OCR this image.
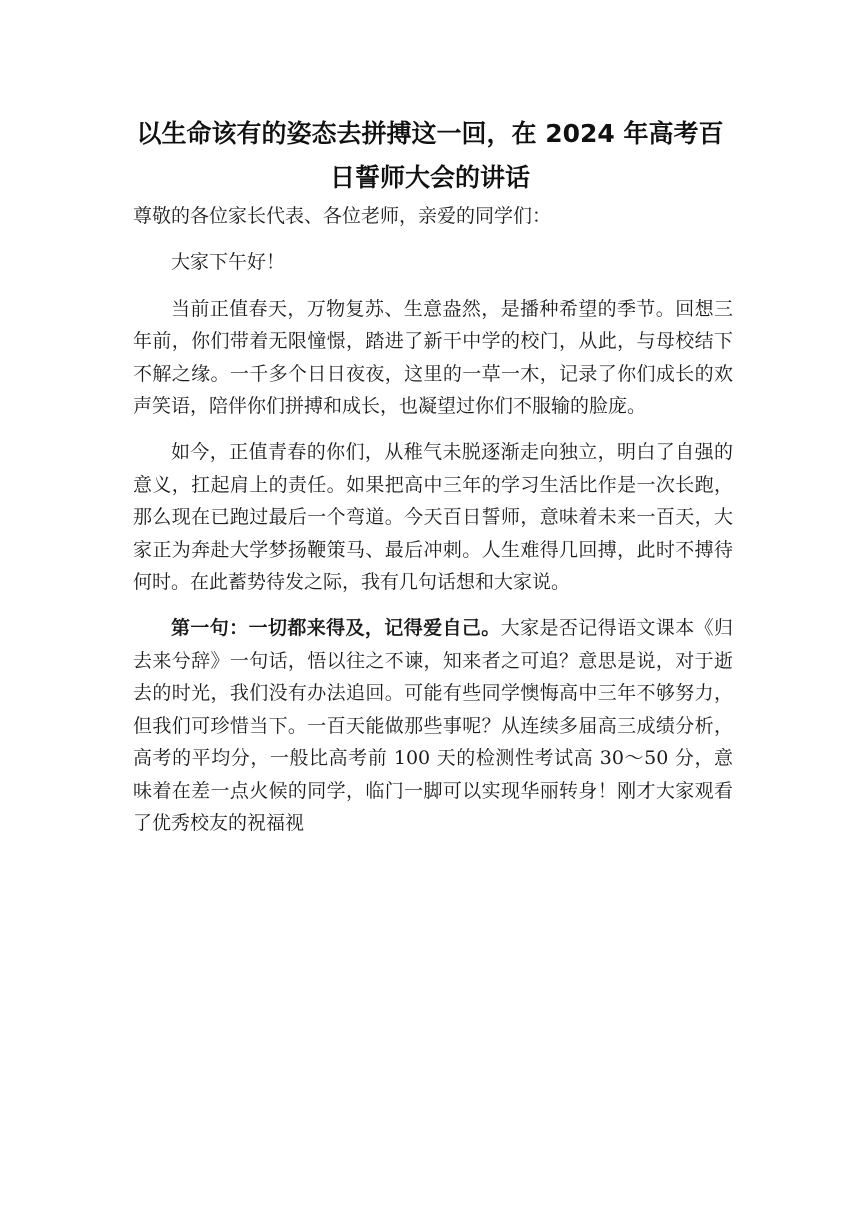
以生命该有的姿态去拼搏这一回，在 2024 年高考百
日誓师大会的讲话

尊敬的各位家长代表、各位老师，亲爱的同学们：

大家下午好！

当前正值春天，万物复苏、生意盎然，是播种希望的季节。回想三年前，你们带着无限憧憬，踏进了新干中学的校门，从此，与母校结下不解之缘。一千多个日日夜夜，这里的一草一木，记录了你们成长的欢声笑语，陪伴你们拼搏和成长，也凝望过你们不服输的脸庞。

如今，正值青春的你们，从稚气未脱逐渐走向独立，明白了自强的意义，扛起肩上的责任。如果把高中三年的学习生活比作是一次长跑，那么现在已跑过最后一个弯道。今天百日誓师，意味着未来一百天，大家正为奔赴大学梦扬鞭策马、最后冲刺。人生难得几回搏，此时不搏待何时。在此蓄势待发之际，我有几句话想和大家说。

第一句：一切都来得及，记得爱自己。大家是否记得语文课本《归去来兮辞》一句话，悟以往之不谏，知来者之可追？意思是说，对于逝去的时光，我们没有办法追回。可能有些同学懊悔高中三年不够努力，但我们可珍惜当下。一百天能做那些事呢？从连续多届高三成绩分析，高考的平均分，一般比高考前 100 天的检测性考试高 30～50 分，意味着在差一点火候的同学，临门一脚可以实现华丽转身！刚才大家观看了优秀校友的祝福视
